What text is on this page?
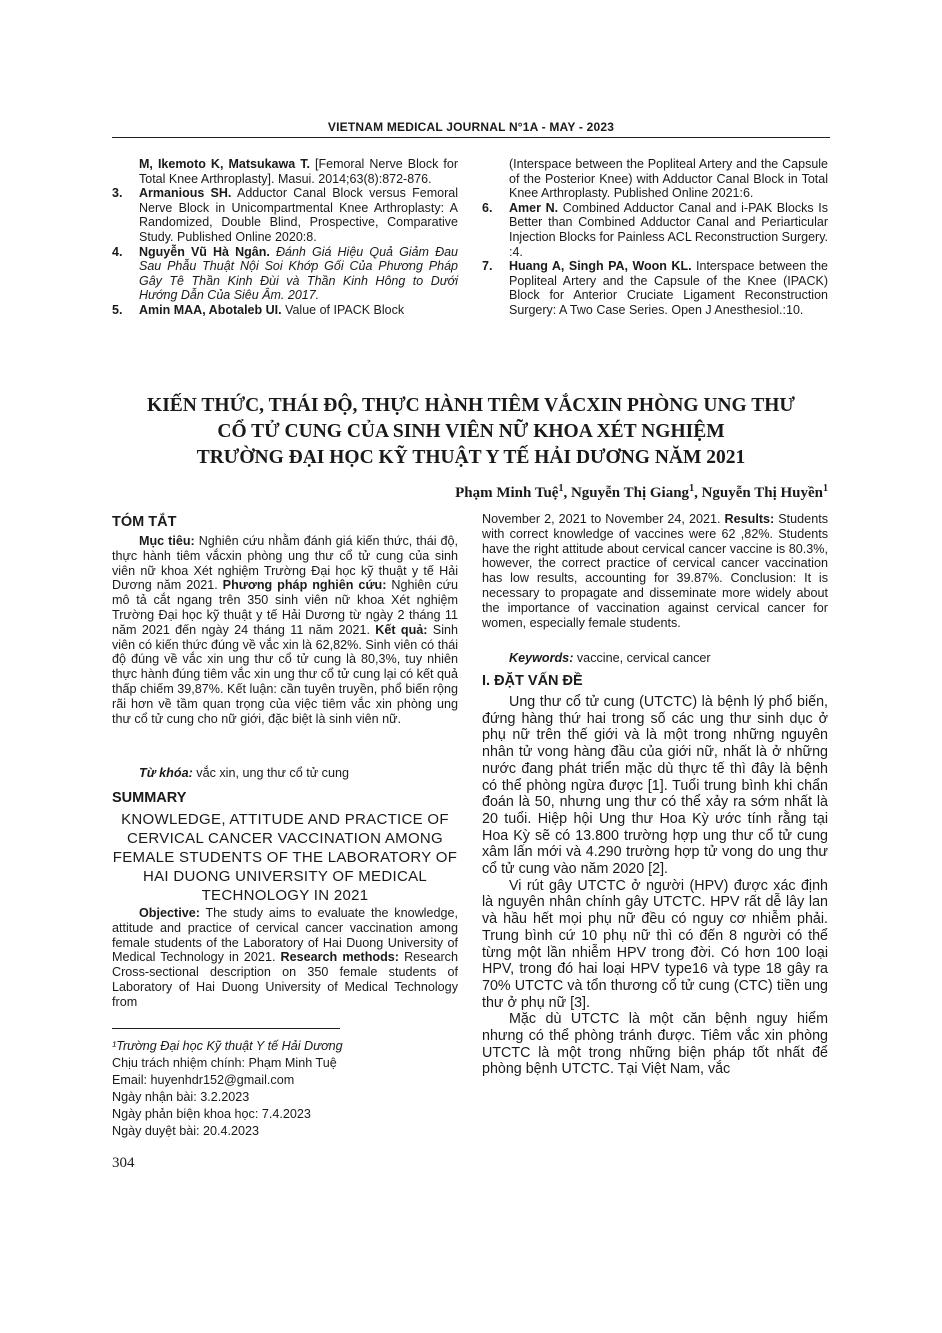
VIETNAM MEDICAL JOURNAL N°1A - MAY - 2023
M, Ikemoto K, Matsukawa T. [Femoral Nerve Block for Total Knee Arthroplasty]. Masui. 2014;63(8):872-876.
3. Armanious SH. Adductor Canal Block versus Femoral Nerve Block in Unicompartmental Knee Arthroplasty: A Randomized, Double Blind, Prospective, Comparative Study. Published Online 2020:8.
4. Nguyễn Vũ Hà Ngân. Đánh Giá Hiệu Quả Giảm Đau Sau Phẫu Thuật Nội Soi Khớp Gối Của Phương Pháp Gây Tê Thần Kinh Đùi và Thần Kinh Hông to Dưới Hướng Dẫn Của Siêu Âm. 2017.
5. Amin MAA, Abotaleb UI. Value of IPACK Block
(Interspace between the Popliteal Artery and the Capsule of the Posterior Knee) with Adductor Canal Block in Total Knee Arthroplasty. Published Online 2021:6.
6. Amer N. Combined Adductor Canal and i-PAK Blocks Is Better than Combined Adductor Canal and Periarticular Injection Blocks for Painless ACL Reconstruction Surgery. :4.
7. Huang A, Singh PA, Woon KL. Interspace between the Popliteal Artery and the Capsule of the Knee (IPACK) Block for Anterior Cruciate Ligament Reconstruction Surgery: A Two Case Series. Open J Anesthesiol.:10.
KIẾN THỨC, THÁI ĐỘ, THỰC HÀNH TIÊM VẮCXIN PHÒNG UNG THƯ
CỔ TỬ CUNG CỦA SINH VIÊN NỮ KHOA XÉT NGHIỆM
TRƯỜNG ĐẠI HỌC KỸ THUẬT Y TẾ HẢI DƯƠNG NĂM 2021
Phạm Minh Tuệ$^1$, Nguyễn Thị Giang$^1$, Nguyễn Thị Huyền$^1$
TÓM TẮT
Mục tiêu: Nghiên cứu nhằm đánh giá kiến thức, thái độ, thực hành tiêm vắcxin phòng ung thư cổ tử cung của sinh viên nữ khoa Xét nghiệm Trường Đại học kỹ thuật y tế Hải Dương năm 2021. Phương pháp nghiên cứu: Nghiên cứu mô tả cắt ngang trên 350 sinh viên nữ khoa Xét nghiệm Trường Đại học kỹ thuật y tế Hải Dương từ ngày 2 tháng 11 năm 2021 đến ngày 24 tháng 11 năm 2021. Kết quả: Sinh viên có kiến thức đúng về vắc xin là 62,82%. Sinh viên có thái độ đúng về vắc xin ung thư cổ tử cung là 80,3%, tuy nhiên thực hành đúng tiêm vắc xin ung thư cổ tử cung lại có kết quả thấp chiếm 39,87%. Kết luận: cần tuyên truyền, phổ biến rộng rãi hơn về tầm quan trọng của việc tiêm vắc xin phòng ung thư cổ tử cung cho nữ giới, đặc biệt là sinh viên nữ.
Từ khóa: vắc xin, ung thư cổ tử cung
SUMMARY
KNOWLEDGE, ATTITUDE AND PRACTICE OF CERVICAL CANCER VACCINATION AMONG FEMALE STUDENTS OF THE LABORATORY OF HAI DUONG UNIVERSITY OF MEDICAL TECHNOLOGY IN 2021
Objective: The study aims to evaluate the knowledge, attitude and practice of cervical cancer vaccination among female students of the Laboratory of Hai Duong University of Medical Technology in 2021. Research methods: Research Cross-sectional description on 350 female students of Laboratory of Hai Duong University of Medical Technology from
November 2, 2021 to November 24, 2021. Results: Students with correct knowledge of vaccines were 62 ,82%. Students have the right attitude about cervical cancer vaccine is 80.3%, however, the correct practice of cervical cancer vaccination has low results, accounting for 39.87%. Conclusion: It is necessary to propagate and disseminate more widely about the importance of vaccination against cervical cancer for women, especially female students.
Keywords: vaccine, cervical cancer
I. ĐẶT VẤN ĐỀ

Ung thư cổ tử cung (UTCTC) là bệnh lý phổ biến, đứng hàng thứ hai trong số các ung thư sinh dục ở phụ nữ trên thế giới và là một trong những nguyên nhân tử vong hàng đầu của giới nữ, nhất là ở những nước đang phát triển mặc dù thực tế thì đây là bệnh có thể phòng ngừa được [1]. Tuổi trung bình khi chẩn đoán là 50, nhưng ung thư có thể xảy ra sớm nhất là 20 tuổi. Hiệp hội Ung thư Hoa Kỳ ước tính rằng tại Hoa Kỳ sẽ có 13.800 trường hợp ung thư cổ tử cung xâm lấn mới và 4.290 trường hợp tử vong do ung thư cổ tử cung vào năm 2020 [2].

Vi rút gây UTCTC ở người (HPV) được xác định là nguyên nhân chính gây UTCTC. HPV rất dễ lây lan và hầu hết mọi phụ nữ đều có nguy cơ nhiễm phải. Trung bình cứ 10 phụ nữ thì có đến 8 người có thể từng một lần nhiễm HPV trong đời. Có hơn 100 loại HPV, trong đó hai loại HPV type16 và type 18 gây ra 70% UTCTC và tổn thương cổ tử cung (CTC) tiền ung thư ở phụ nữ [3].

Mặc dù UTCTC là một căn bệnh nguy hiểm nhưng có thể phòng tránh được. Tiêm vắc xin phòng UTCTC là một trong những biện pháp tốt nhất để phòng bệnh UTCTC. Tại Việt Nam, vắc

¹Trường Đại học Kỹ thuật Y tế Hải Dương
Chịu trách nhiệm chính: Phạm Minh Tuệ
Email: huyenhdr152@gmail.com
Ngày nhận bài: 3.2.2023
Ngày phản biện khoa học: 7.4.2023
Ngày duyệt bài: 20.4.2023
304
